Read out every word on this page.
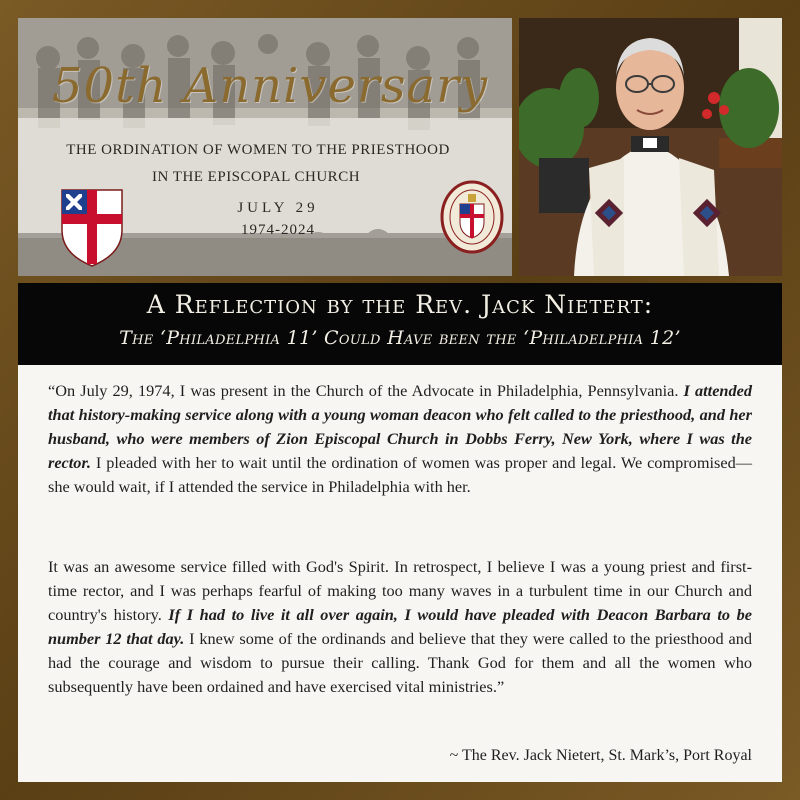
50th Anniversary
THE ORDINATION OF WOMEN TO THE PRIESTHOOD
IN THE EPISCOPAL CHURCH
JULY 29
1974-2024
A Reflection by the Rev. Jack Nietert:
The ‘Philadelphia 11’ Could Have been the ‘Philadelphia 12’
“On July 29, 1974, I was present in the Church of the Advocate in Philadelphia, Pennsylvania. I attended that history-making service along with a young woman deacon who felt called to the priesthood, and her husband, who were members of Zion Episcopal Church in Dobbs Ferry, New York, where I was the rector. I pleaded with her to wait until the ordination of women was proper and legal. We compromised—she would wait, if I attended the service in Philadelphia with her.
It was an awesome service filled with God's Spirit. In retrospect, I believe I was a young priest and first-time rector, and I was perhaps fearful of making too many waves in a turbulent time in our Church and country's history. If I had to live it all over again, I would have pleaded with Deacon Barbara to be number 12 that day. I knew some of the ordinands and believe that they were called to the priesthood and had the courage and wisdom to pursue their calling. Thank God for them and all the women who subsequently have been ordained and have exercised vital ministries.”
~ The Rev. Jack Nietert, St. Mark’s, Port Royal
